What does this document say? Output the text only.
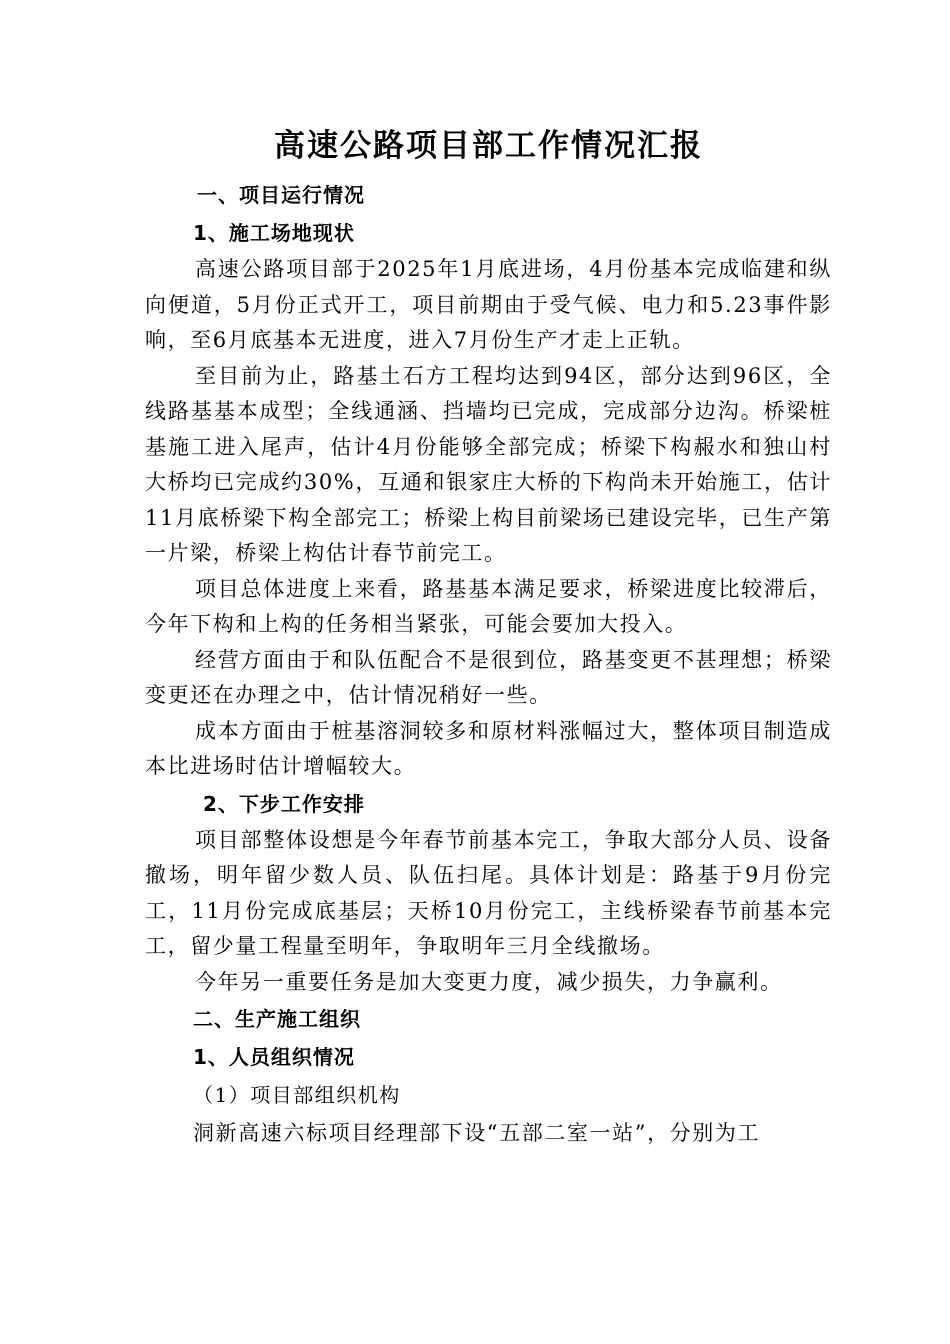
高速公路项目部工作情况汇报

一、项目运行情况

1、施工场地现状

高速公路项目部于2025年1月底进场，4月份基本完成临建和纵向便道，5月份正式开工，项目前期由于受气候、电力和5.23事件影响，至6月底基本无进度，进入7月份生产才走上正轨。

至目前为止，路基土石方工程均达到94区，部分达到96区，全线路基基本成型；全线通涵、挡墙均已完成，完成部分边沟。桥梁桩基施工进入尾声，估计4月份能够全部完成；桥梁下构赧水和独山村大桥均已完成约30%，互通和银家庄大桥的下构尚未开始施工，估计11月底桥梁下构全部完工；桥梁上构目前梁场已建设完毕，已生产第一片梁，桥梁上构估计春节前完工。

项目总体进度上来看，路基基本满足要求，桥梁进度比较滞后，今年下构和上构的任务相当紧张，可能会要加大投入。

经营方面由于和队伍配合不是很到位，路基变更不甚理想；桥梁变更还在办理之中，估计情况稍好一些。

成本方面由于桩基溶洞较多和原材料涨幅过大，整体项目制造成本比进场时估计增幅较大。

2、下步工作安排

项目部整体设想是今年春节前基本完工，争取大部分人员、设备撤场，明年留少数人员、队伍扫尾。具体计划是：路基于9月份完工，11月份完成底基层；天桥10月份完工，主线桥梁春节前基本完工，留少量工程量至明年，争取明年三月全线撤场。

今年另一重要任务是加大变更力度，减少损失，力争赢利。

二、生产施工组织

1、人员组织情况

（1）项目部组织机构

洞新高速六标项目经理部下设“五部二室一站”，分别为工
